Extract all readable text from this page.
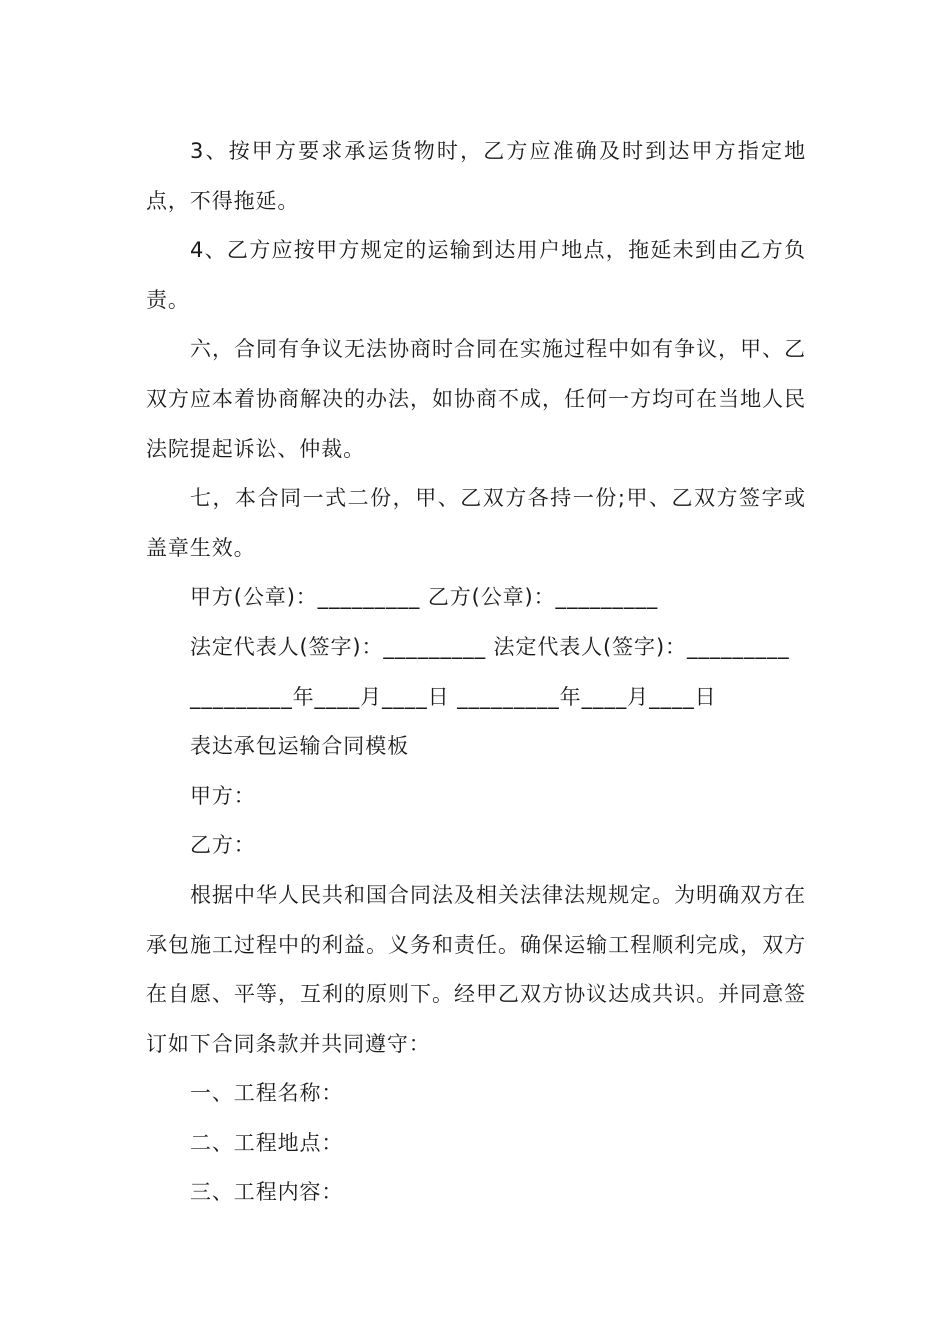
3、按甲方要求承运货物时，乙方应准确及时到达甲方指定地点，不得拖延。

4、乙方应按甲方规定的运输到达用户地点，拖延未到由乙方负责。

六，合同有争议无法协商时合同在实施过程中如有争议，甲、乙双方应本着协商解决的办法，如协商不成，任何一方均可在当地人民法院提起诉讼、仲裁。

七，本合同一式二份，甲、乙双方各持一份;甲、乙双方签字或盖章生效。

甲方(公章)：_________ 乙方(公章)：_________

法定代表人(签字)：_________ 法定代表人(签字)：_________

_________年____月____日 _________年____月____日

表达承包运输合同模板

甲方：

乙方：

根据中华人民共和国合同法及相关法律法规规定。为明确双方在承包施工过程中的利益。义务和责任。确保运输工程顺利完成，双方在自愿、平等，互利的原则下。经甲乙双方协议达成共识。并同意签订如下合同条款并共同遵守：

一、工程名称：

二、工程地点：

三、工程内容：
